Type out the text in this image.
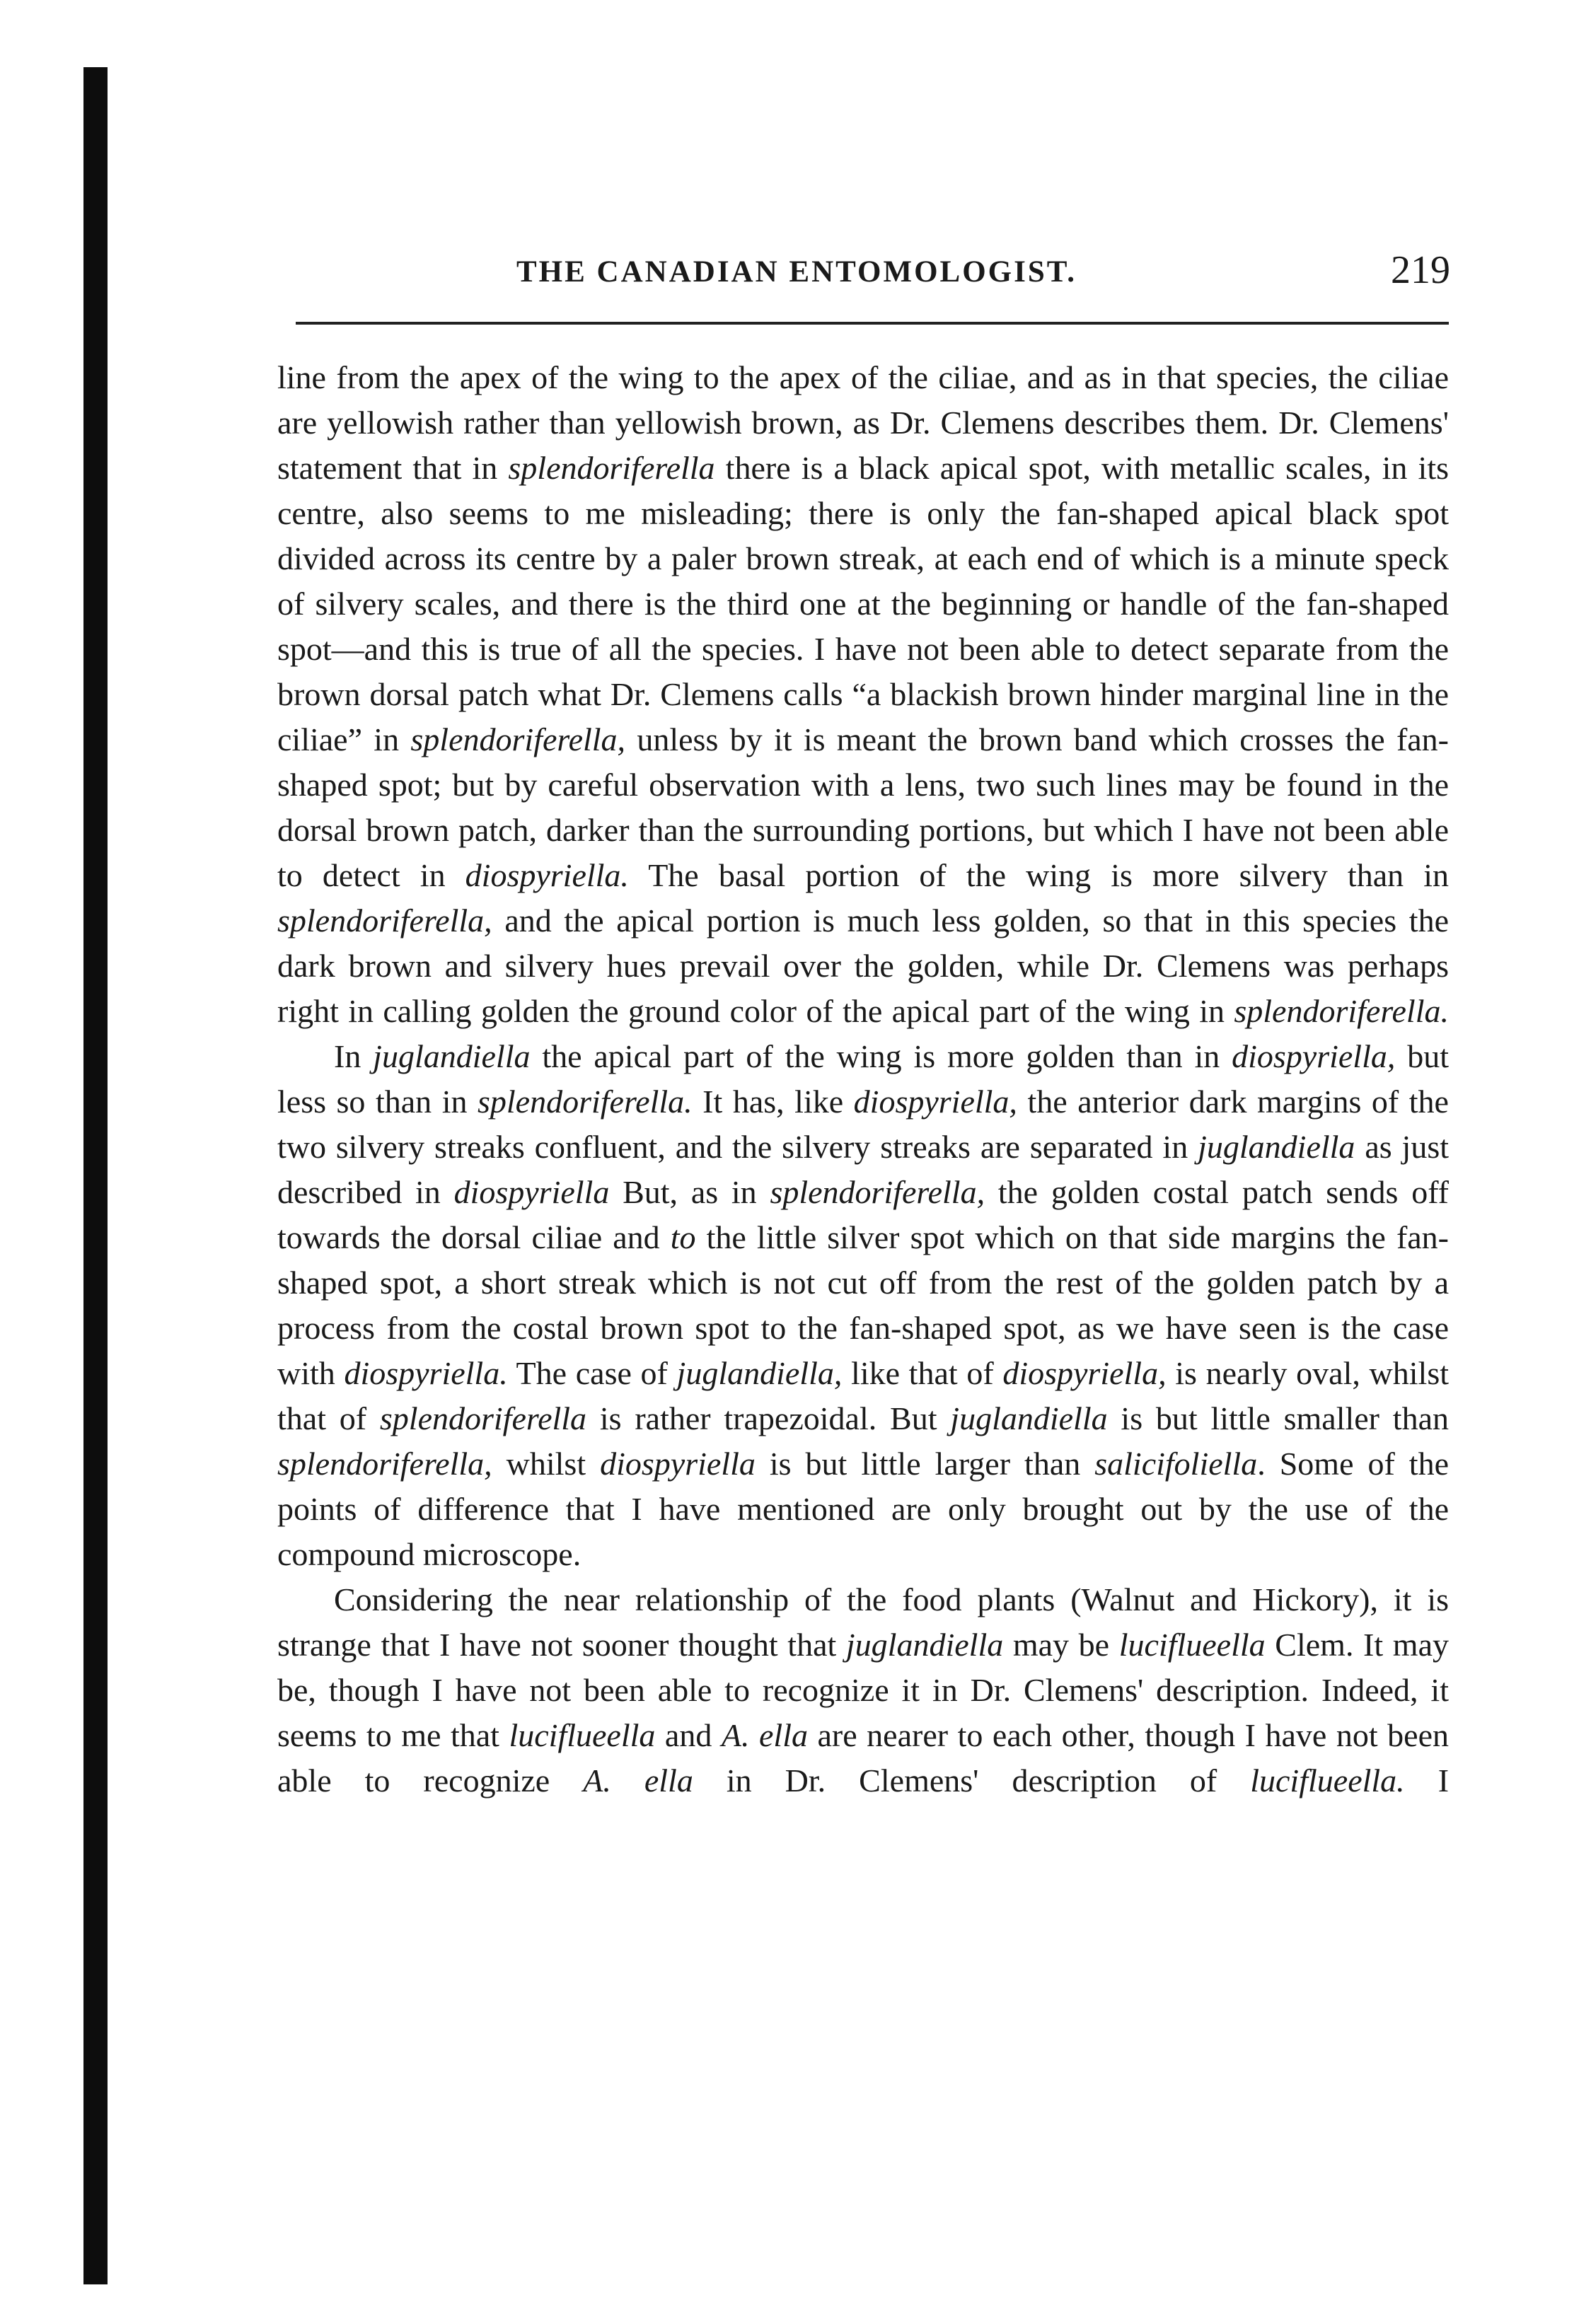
THE CANADIAN ENTOMOLOGIST.	219

line from the apex of the wing to the apex of the ciliae, and as in that species, the ciliae are yellowish rather than yellowish brown, as Dr. Clemens describes them. Dr. Clemens' statement that in splendoriferella there is a black apical spot, with metallic scales, in its centre, also seems to me misleading; there is only the fan-shaped apical black spot divided across its centre by a paler brown streak, at each end of which is a minute speck of silvery scales, and there is the third one at the beginning or handle of the fan-shaped spot—and this is true of all the species. I have not been able to detect separate from the brown dorsal patch what Dr. Clemens calls “a blackish brown hinder marginal line in the ciliae” in splendoriferella, unless by it is meant the brown band which crosses the fan-shaped spot; but by careful observation with a lens, two such lines may be found in the dorsal brown patch, darker than the surrounding portions, but which I have not been able to detect in diospyriella. The basal portion of the wing is more silvery than in splendoriferella, and the apical portion is much less golden, so that in this species the dark brown and silvery hues prevail over the golden, while Dr. Clemens was perhaps right in calling golden the ground color of the apical part of the wing in splendoriferella.

In juglandiella the apical part of the wing is more golden than in diospyriella, but less so than in splendoriferella. It has, like diospyriella, the anterior dark margins of the two silvery streaks confluent, and the silvery streaks are separated in juglandiella as just described in diospyriella But, as in splendoriferella, the golden costal patch sends off towards the dorsal ciliae and to the little silver spot which on that side margins the fan-shaped spot, a short streak which is not cut off from the rest of the golden patch by a process from the costal brown spot to the fan-shaped spot, as we have seen is the case with diospyriella. The case of juglandiella, like that of diospyriella, is nearly oval, whilst that of splendoriferella is rather trapezoidal. But juglandiella is but little smaller than splendoriferella, whilst diospyriella is but little larger than salicifoliella. Some of the points of difference that I have mentioned are only brought out by the use of the compound microscope.

Considering the near relationship of the food plants (Walnut and Hickory), it is strange that I have not sooner thought that juglandiella may be luciflueella Clem. It may be, though I have not been able to recognize it in Dr. Clemens' description. Indeed, it seems to me that luciflueella and A. ella are nearer to each other, though I have not been able to recognize A. ella in Dr. Clemens' description of luciflueella. I
